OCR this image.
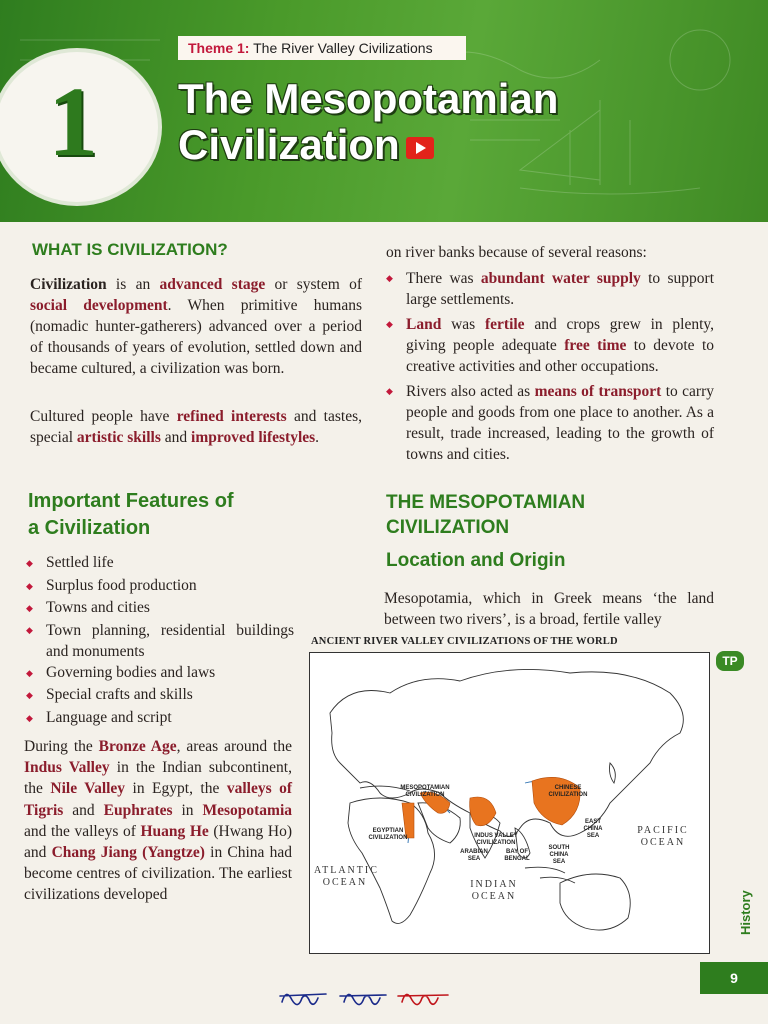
Theme 1: The River Valley Civilizations
1 The Mesopotamian
Civilization
WHAT IS CIVILIZATION?

Civilization is an advanced stage or system of social development. When primitive humans (nomadic hunter-gatherers) advanced over a period of thousands of years of evolution, settled down and became cultured, a civilization was born.

Cultured people have refined interests and tastes, special artistic skills and improved lifestyles.

Important Features of
a Civilization
◆ Settled life
◆ Surplus food production
◆ Towns and cities
◆ Town planning, residential buildings and monuments
◆ Governing bodies and laws
◆ Special crafts and skills
◆ Language and script

During the Bronze Age, areas around the Indus Valley in the Indian subcontinent, the Nile Valley in Egypt, the valleys of Tigris and Euphrates in Mesopotamia and the valleys of Huang He (Hwang Ho) and Chang Jiang (Yangtze) in China had become centres of civilization. The earliest civilizations developed

on river banks because of several reasons:

◆ There was abundant water supply to support large settlements.
◆ Land was fertile and crops grew in plenty, giving people adequate free time to devote to creative activities and other occupations.
◆ Rivers also acted as means of transport to carry people and goods from one place to another. As a result, trade increased, leading to the growth of towns and cities.
THE MESOPOTAMIAN
CIVILIZATION
Location and Origin

Mesopotamia, which in Greek means ‘the land between two rivers’, is a broad, fertile valley

ANCIENT RIVER VALLEY CIVILIZATIONS OF THE WORLD
MESOPOTAMIAN CIVILIZATION
EGYPTIAN CIVILIZATION	INDUS VALLEY CIVILIZATION
CHINESE CIVILIZATION
ARABIAN SEA
BAY OF BENGAL
SOUTH CHINA SEA
EAST CHINA SEA	PACIFIC OCEAN
INDIAN OCEAN
ATLANTIC OCEAN
TP
History
9
